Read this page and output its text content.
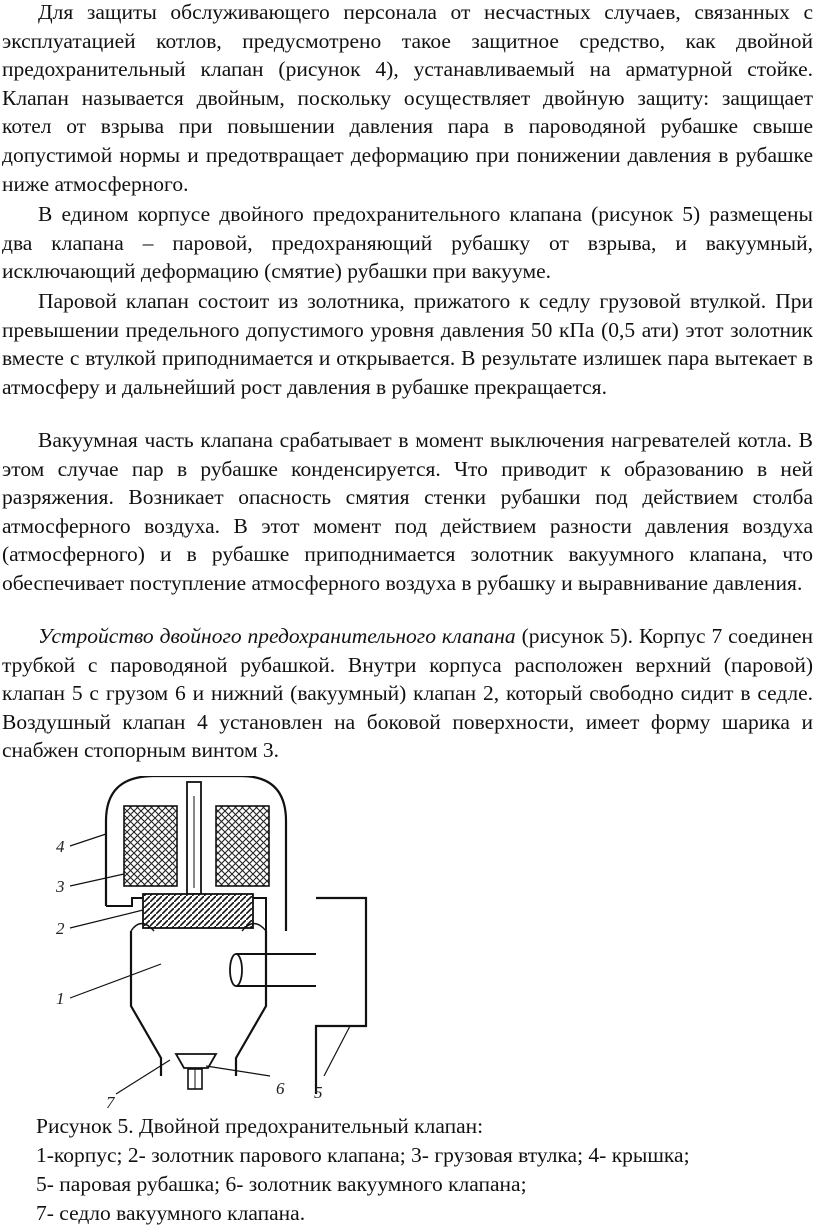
Для защиты обслуживающего персонала от несчастных случаев, связанных с эксплуатацией котлов, предусмотрено такое защитное средство, как двойной предохранительный клапан (рисунок 4), устанавливаемый на арматурной стойке. Клапан называется двойным, поскольку осуществляет двойную защиту: защищает котел от взрыва при повышении давления пара в пароводяной рубашке свыше допустимой нормы и предотвращает деформацию при понижении давления в рубашке ниже атмосферного.

В едином корпусе двойного предохранительного клапана (рисунок 5) размещены два клапана – паровой, предохраняющий рубашку от взрыва, и вакуумный, исключающий деформацию (смятие) рубашки при вакууме.

Паровой клапан состоит из золотника, прижатого к седлу грузовой втулкой. При превышении предельного допустимого уровня давления 50 кПа (0,5 ати) этот золотник вместе с втулкой приподнимается и открывается. В результате излишек пара вытекает в атмосферу и дальнейший рост давления в рубашке прекращается.

Вакуумная часть клапана срабатывает в момент выключения нагревателей котла. В этом случае пар в рубашке конденсируется. Что приводит к образованию в ней разряжения. Возникает опасность смятия стенки рубашки под действием столба атмосферного воздуха. В этот момент под действием разности давления воздуха (атмосферного) и в рубашке приподнимается золотник вакуумного клапана, что обеспечивает поступление атмосферного воздуха в рубашку и выравнивание давления.

Устройство двойного предохранительного клапана (рисунок 5). Корпус 7 соединен трубкой с пароводяной рубашкой. Внутри корпуса расположен верхний (паровой) клапан 5 с грузом 6 и нижний (вакуумный) клапан 2, который свободно сидит в седле. Воздушный клапан 4 установлен на боковой поверхности, имеет форму шарика и снабжен стопорным винтом 3.

4
3
2
1
7
6 5

Рисунок 5. Двойной предохранительный клапан:

1-корпус; 2- золотник парового клапана; 3- грузовая втулка; 4- крышка;

5- паровая рубашка; 6- золотник вакуумного клапана;

7- седло вакуумного клапана.
